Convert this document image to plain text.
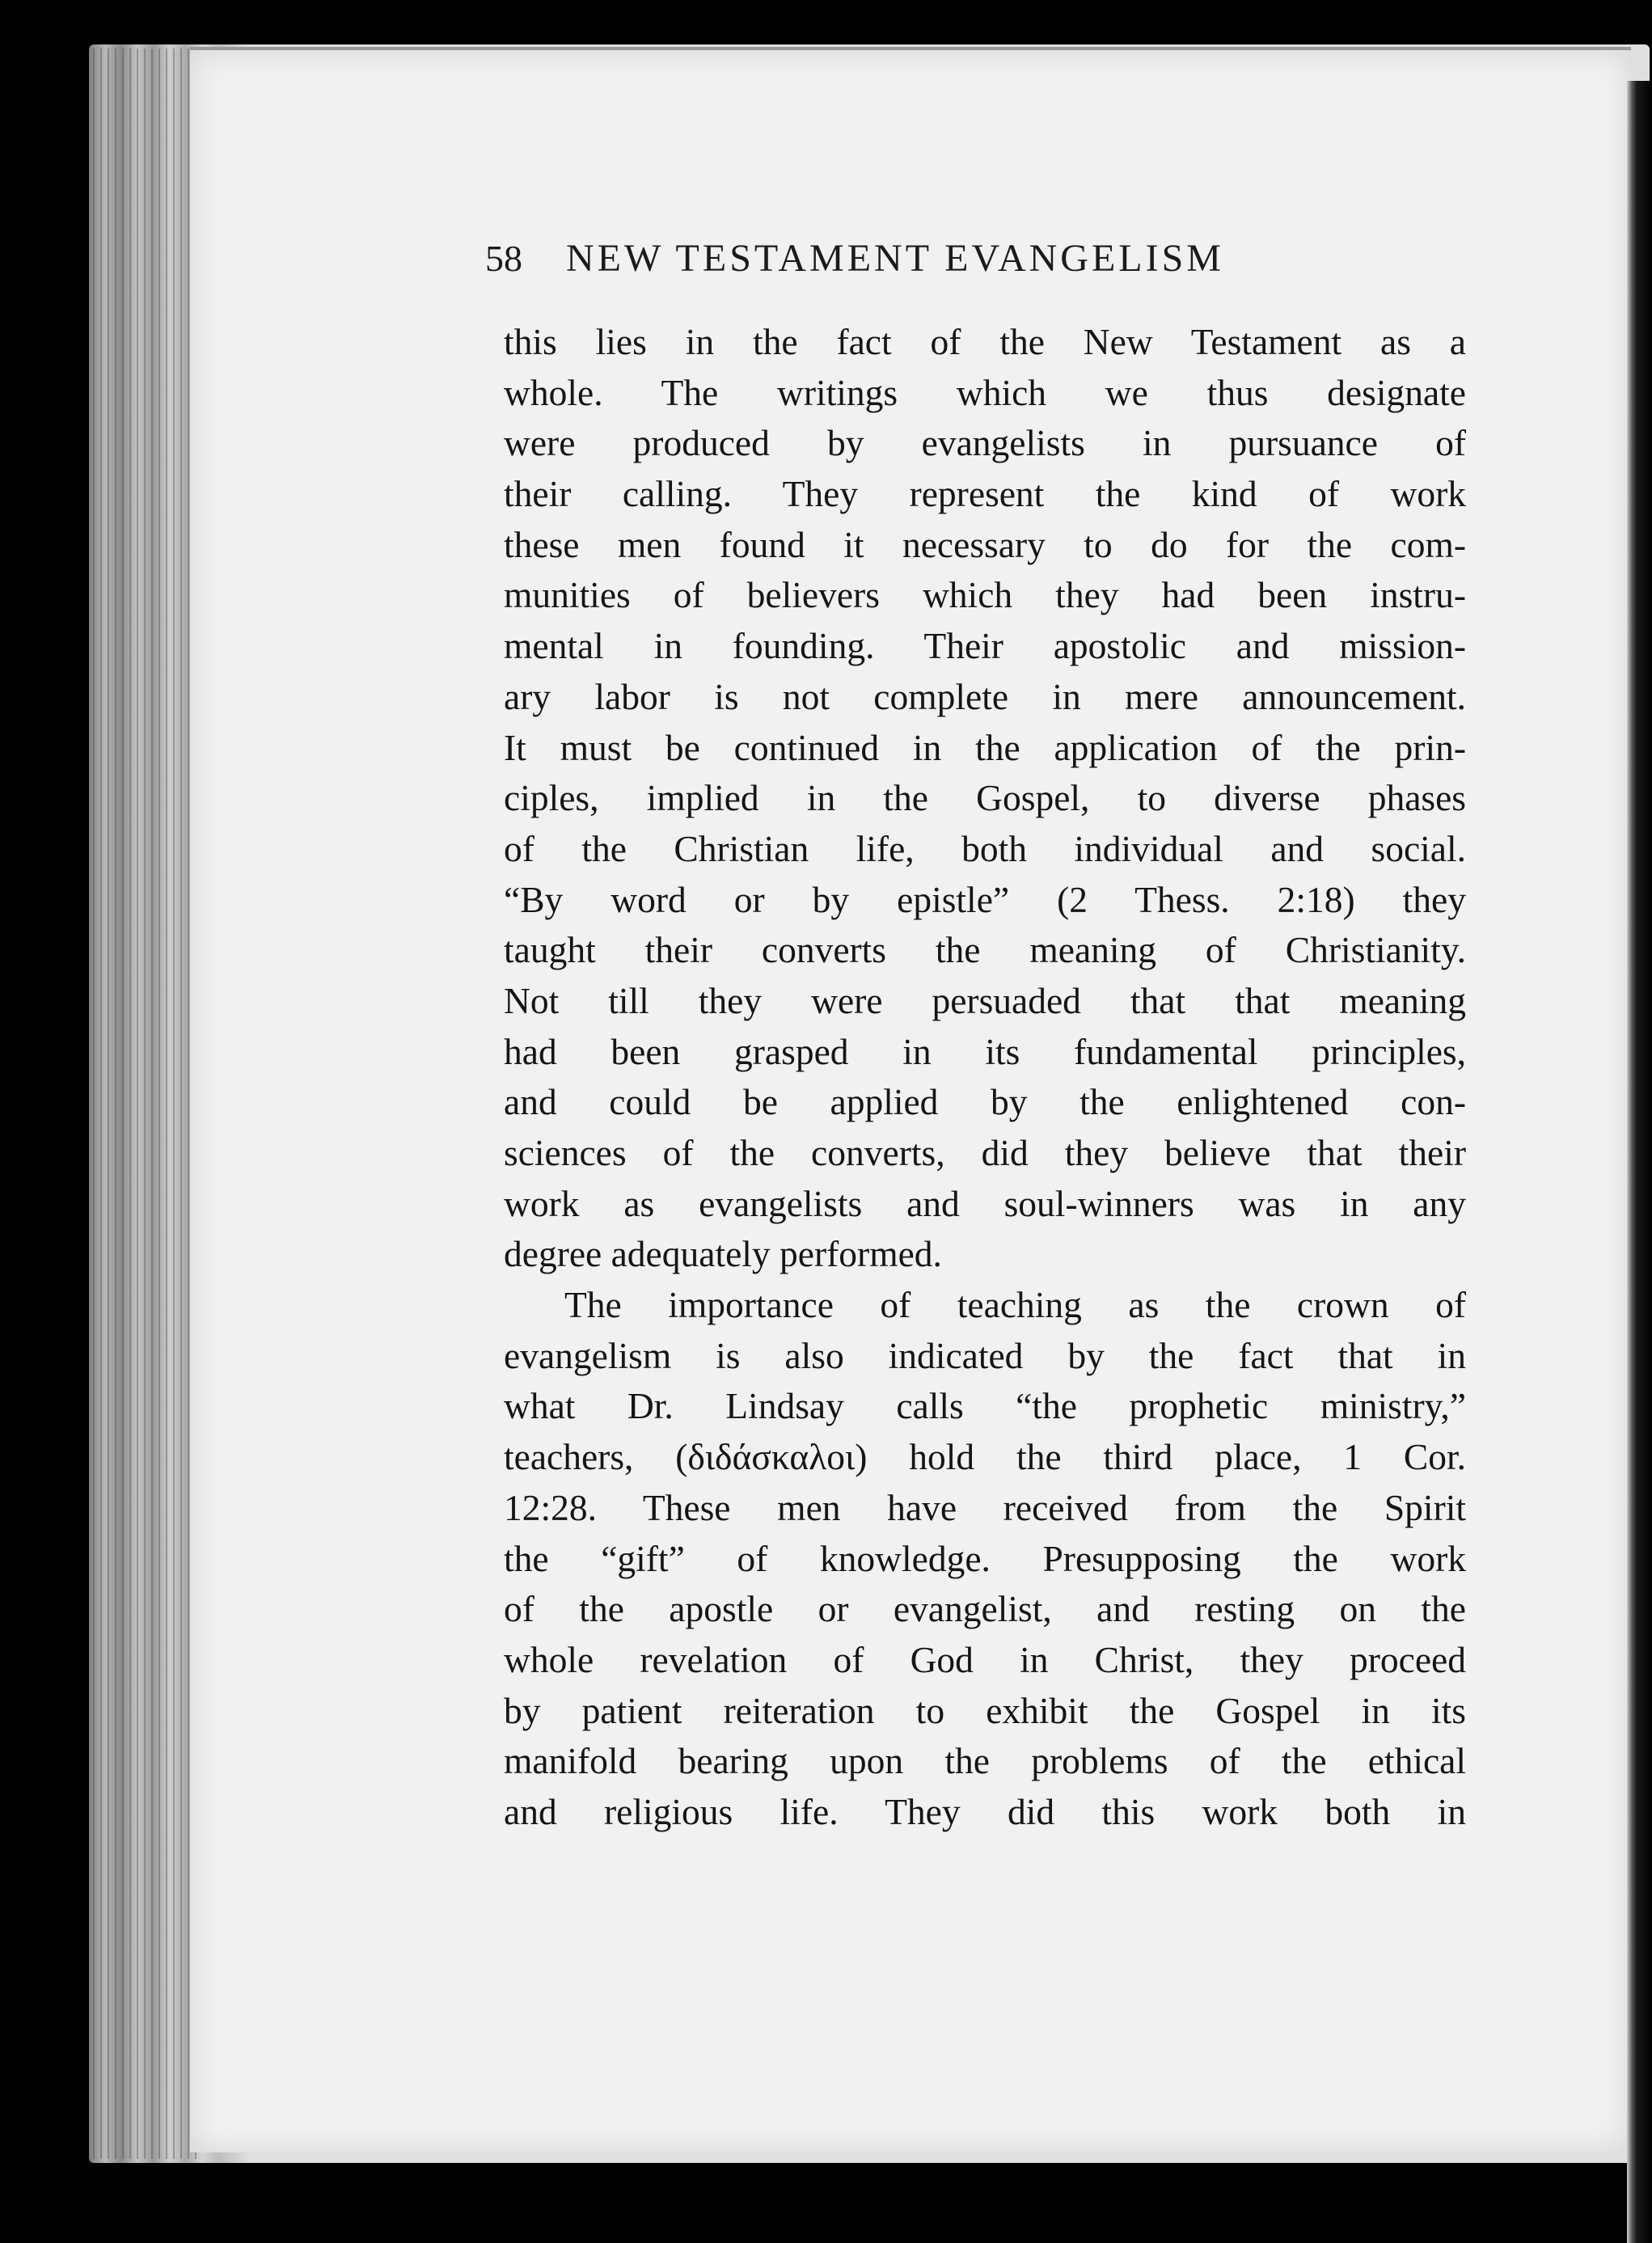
58 NEW TESTAMENT EVANGELISM
this lies in the fact of the New Testament as a
whole. The writings which we thus designate
were produced by evangelists in pursuance of
their calling. They represent the kind of work
these men found it necessary to do for the com-
munities of believers which they had been instru-
mental in founding. Their apostolic and mission-
ary labor is not complete in mere announcement.
It must be continued in the application of the prin-
ciples, implied in the Gospel, to diverse phases
of the Christian life, both individual and social.
“By word or by epistle” (2 Thess. 2:18) they
taught their converts the meaning of Christianity.
Not till they were persuaded that that meaning
had been grasped in its fundamental principles,
and could be applied by the enlightened con-
sciences of the converts, did they believe that their
work as evangelists and soul-winners was in any
degree adequately performed.
The importance of teaching as the crown of
evangelism is also indicated by the fact that in
what Dr. Lindsay calls “the prophetic ministry,”
teachers, (διδάσκαλοι) hold the third place, 1 Cor.
12:28. These men have received from the Spirit
the “gift” of knowledge. Presupposing the work
of the apostle or evangelist, and resting on the
whole revelation of God in Christ, they proceed
by patient reiteration to exhibit the Gospel in its
manifold bearing upon the problems of the ethical
and religious life. They did this work both in
